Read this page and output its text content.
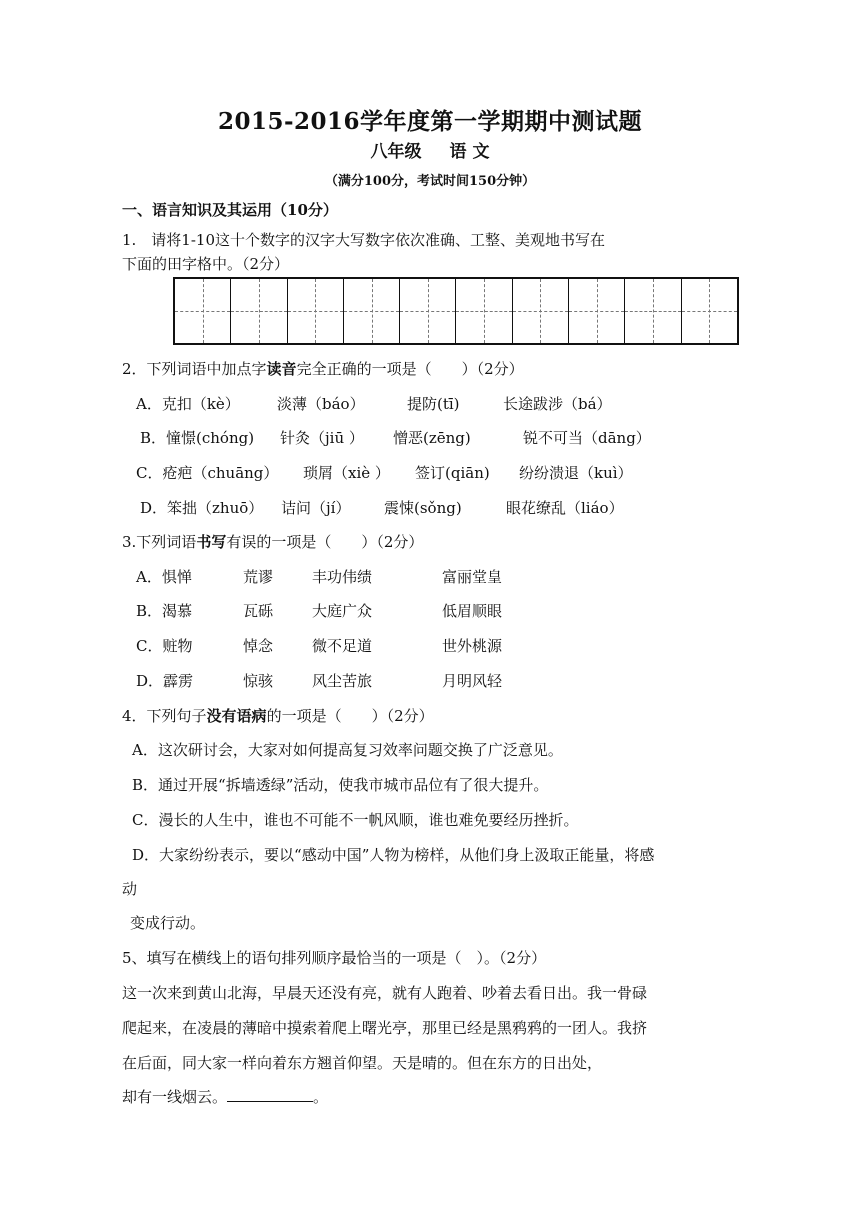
2015-2016学年度第一学期期中测试题
八年级 语 文
（满分100分，考试时间150分钟）
一、语言知识及其运用（10分）
1.　请将1-10这十个数字的汉字大写数字依次准确、工整、美观地书写在
下面的田字格中。（2分）
2．下列词语中加点字读音完全正确的一项是（　　）（2分）
A．克扣（kè） 淡薄（báo）	提防(tī)	长途跋涉（bá）
B．憧憬(chóng) 针灸（jiū ） 憎恶(zēng)	锐不可当（dāng）
C．疮疤（chuāng） 琐屑（xiè ） 签订(qiān) 纷纷溃退（kuì）
D．笨拙（zhuō） 诘问（jí） 震悚(sǒng)	眼花缭乱（liáo）
3.下列词语书写有误的一项是（　　）（2分）
A．惧惮	荒谬	丰功伟绩	富丽堂皇
B．渴慕	瓦砾	大庭广众	低眉顺眼
C．赃物	悼念	微不足道	世外桃源
D．霹雳	惊骇	风尘苦旅	月明风轻
4．下列句子没有语病的一项是（　　）（2分）
A．这次研讨会，大家对如何提高复习效率问题交换了广泛意见。
B．通过开展“拆墙透绿”活动，使我市城市品位有了很大提升。
C．漫长的人生中，谁也不可能不一帆风顺，谁也难免要经历挫折。
D．大家纷纷表示，要以“感动中国”人物为榜样，从他们身上汲取正能量，将感
动
变成行动。
5、填写在横线上的语句排列顺序最恰当的一项是（　）。（2分）
这一次来到黄山北海，早晨天还没有亮，就有人跑着、吵着去看日出。我一骨碌
爬起来，在凌晨的薄暗中摸索着爬上曙光亭，那里已经是黑鸦鸦的一团人。我挤
在后面，同大家一样向着东方翘首仰望。天是晴的。但在东方的日出处，
却有一线烟云。	。
